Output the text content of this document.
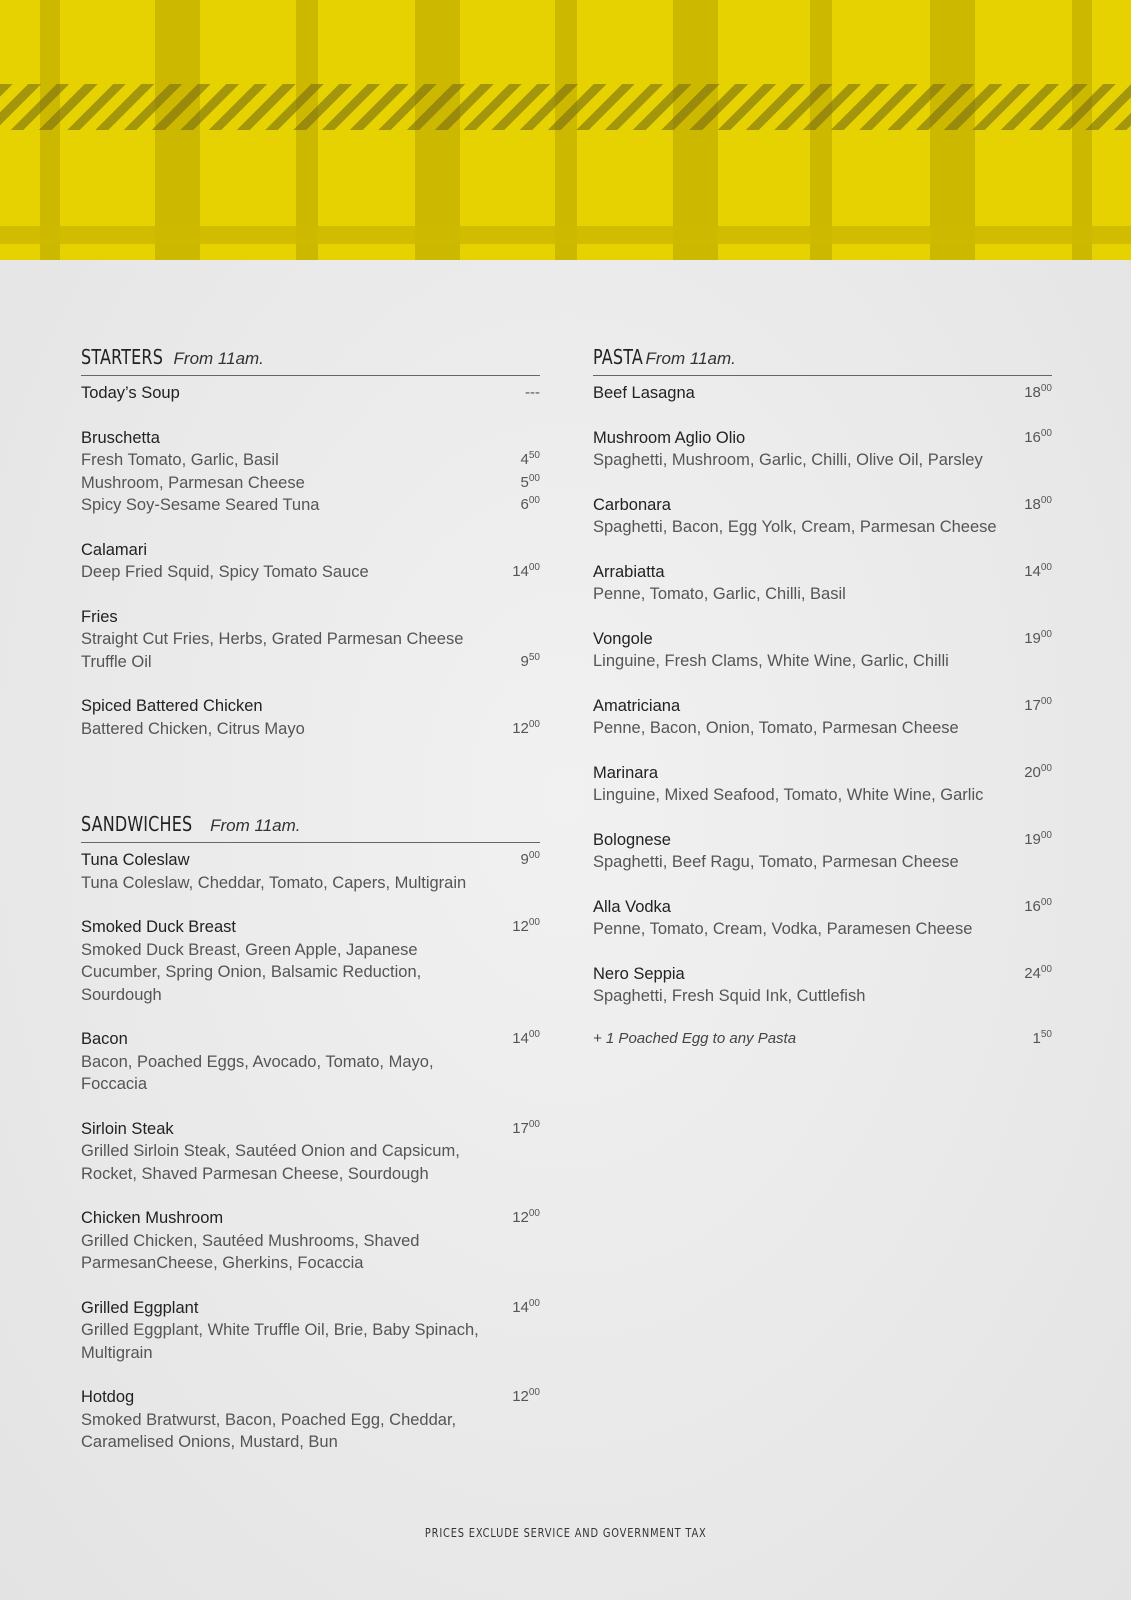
STARTERS From 11am.
Today’s Soup	---
Bruschetta
Fresh Tomato, Garlic, Basil	$4^{50}$
Mushroom, Parmesan Cheese	$5^{00}$
Spicy Soy-Sesame Seared Tuna	$6^{00}$
Calamari
Deep Fried Squid, Spicy Tomato Sauce	$14^{00}$
Fries
Straight Cut Fries, Herbs, Grated Parmesan Cheese
Truffle Oil	$9^{50}$
Spiced Battered Chicken
Battered Chicken, Citrus Mayo	$12^{00}$
SANDWICHES From 11am.
Tuna Coleslaw	$9^{00}$
Tuna Coleslaw, Cheddar, Tomato, Capers, Multigrain
Smoked Duck Breast	$12^{00}$
Smoked Duck Breast, Green Apple, Japanese Cucumber, Spring Onion, Balsamic Reduction, Sourdough
Bacon	$14^{00}$
Bacon, Poached Eggs, Avocado, Tomato, Mayo, Foccacia
Sirloin Steak	$17^{00}$
Grilled Sirloin Steak, Sautéed Onion and Capsicum, Rocket, Shaved Parmesan Cheese, Sourdough
Chicken Mushroom	$12^{00}$
Grilled Chicken, Sautéed Mushrooms, Shaved ParmesanCheese, Gherkins, Focaccia
Grilled Eggplant	$14^{00}$
Grilled Eggplant, White Truffle Oil, Brie, Baby Spinach, Multigrain
Hotdog	$12^{00}$
Smoked Bratwurst, Bacon, Poached Egg, Cheddar, Caramelised Onions, Mustard, Bun
PASTA From 11am.
Beef Lasagna	$18^{00}$
Mushroom Aglio Olio	$16^{00}$
Spaghetti, Mushroom, Garlic, Chilli, Olive Oil, Parsley
Carbonara	$18^{00}$
Spaghetti, Bacon, Egg Yolk, Cream, Parmesan Cheese
Arrabiatta	$14^{00}$
Penne, Tomato, Garlic, Chilli, Basil
Vongole	$19^{00}$
Linguine, Fresh Clams, White Wine, Garlic, Chilli
Amatriciana	$17^{00}$
Penne, Bacon, Onion, Tomato, Parmesan Cheese
Marinara	$20^{00}$
Linguine, Mixed Seafood, Tomato, White Wine, Garlic
Bolognese	$19^{00}$
Spaghetti, Beef Ragu, Tomato, Parmesan Cheese
Alla Vodka	$16^{00}$
Penne, Tomato, Cream, Vodka, Paramesen Cheese
Nero Seppia	$24^{00}$
Spaghetti, Fresh Squid Ink, Cuttlefish
+ 1 Poached Egg to any Pasta	$1^{50}$
PRICES EXCLUDE SERVICE AND GOVERNMENT TAX
